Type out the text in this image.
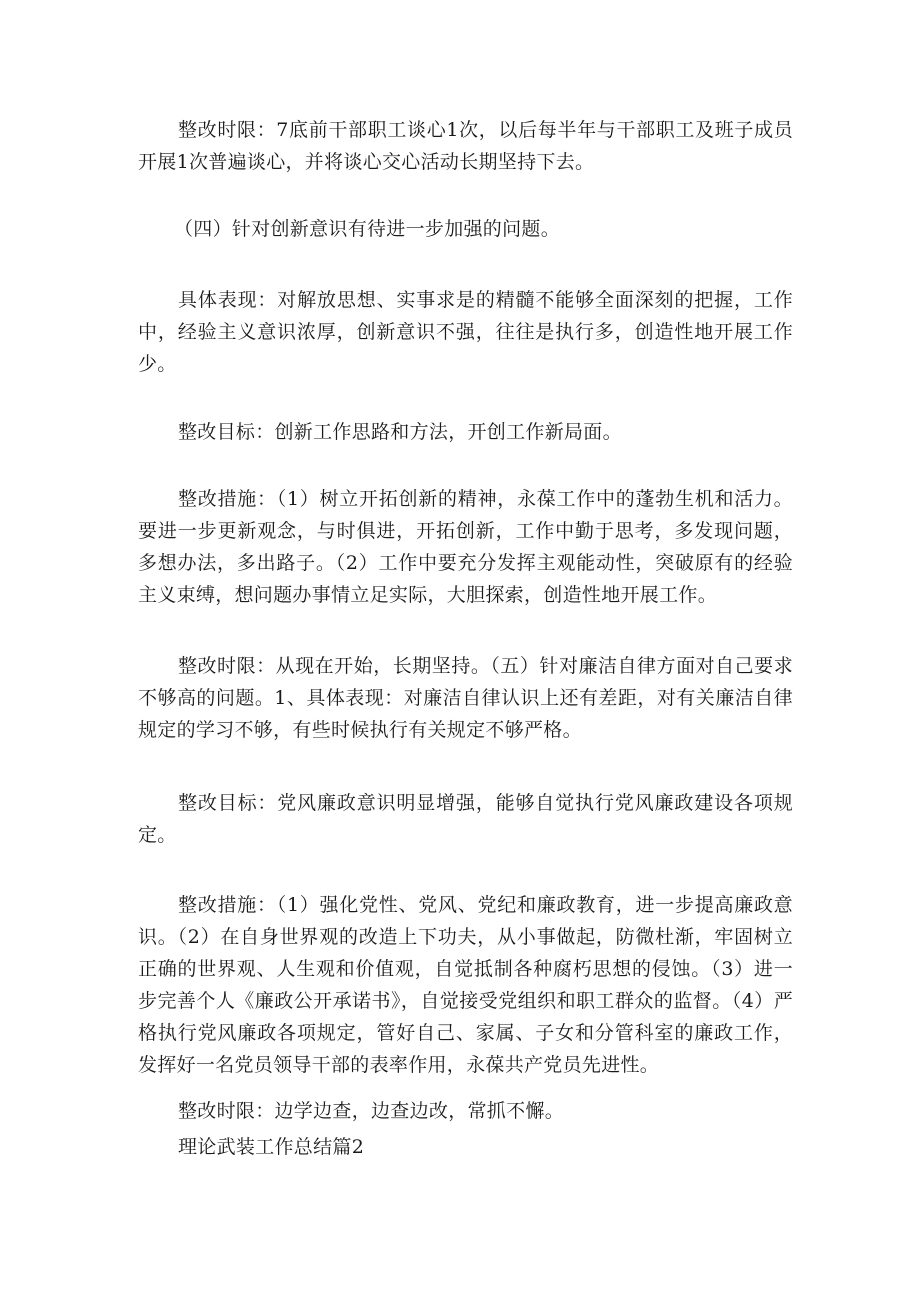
整改时限：7底前干部职工谈心1次，以后每半年与干部职工及班子成员开展1次普遍谈心，并将谈心交心活动长期坚持下去。

（四）针对创新意识有待进一步加强的问题。

具体表现：对解放思想、实事求是的精髓不能够全面深刻的把握，工作中，经验主义意识浓厚，创新意识不强，往往是执行多，创造性地开展工作少。

整改目标：创新工作思路和方法，开创工作新局面。

整改措施：（1）树立开拓创新的精神，永葆工作中的蓬勃生机和活力。要进一步更新观念，与时俱进，开拓创新，工作中勤于思考，多发现问题，多想办法，多出路子。（2）工作中要充分发挥主观能动性，突破原有的经验主义束缚，想问题办事情立足实际，大胆探索，创造性地开展工作。

整改时限：从现在开始，长期坚持。（五）针对廉洁自律方面对自己要求不够高的问题。1、具体表现：对廉洁自律认识上还有差距，对有关廉洁自律规定的学习不够，有些时候执行有关规定不够严格。

整改目标：党风廉政意识明显增强，能够自觉执行党风廉政建设各项规定。

整改措施：（1）强化党性、党风、党纪和廉政教育，进一步提高廉政意识。（2）在自身世界观的改造上下功夫，从小事做起，防微杜渐，牢固树立正确的世界观、人生观和价值观，自觉抵制各种腐朽思想的侵蚀。（3）进一步完善个人《廉政公开承诺书》，自觉接受党组织和职工群众的监督。（4）严格执行党风廉政各项规定，管好自己、家属、子女和分管科室的廉政工作，发挥好一名党员领导干部的表率作用，永葆共产党员先进性。

整改时限：边学边查，边查边改，常抓不懈。

理论武装工作总结篇2
